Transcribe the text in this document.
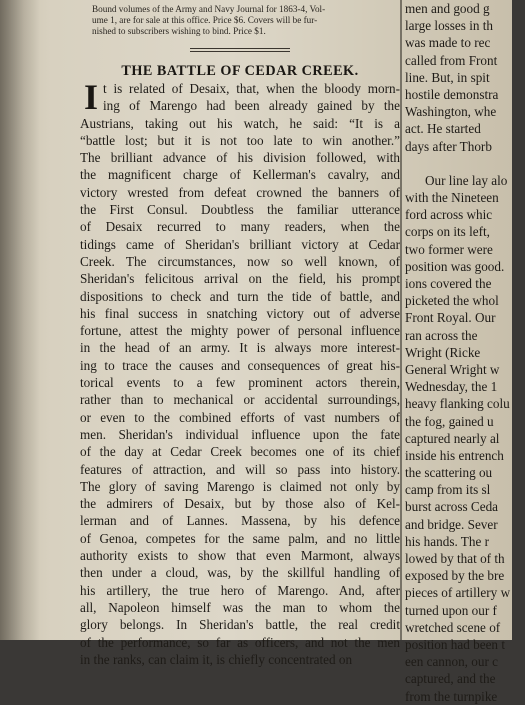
Bound volumes of the Army and Navy Journal for 1863-4, Vol-
ume 1, are for sale at this office. Price $6. Covers will be fur-
nished to subscribers wishing to bind. Price $1.
THE BATTLE OF CEDAR CREEK.
I t is related of Desaix, that, when the bloody morn-
ing of Marengo had been already gained by the
Austrians, taking out his watch, he said: “It is a
“battle lost; but it is not too late to win another.”
The brilliant advance of his division followed, with
the magnificent charge of Kellerman's cavalry, and
victory wrested from defeat crowned the banners of
the First Consul. Doubtless the familiar utterance
of Desaix recurred to many readers, when the
tidings came of Sheridan's brilliant victory at Cedar
Creek. The circumstances, now so well known, of
Sheridan's felicitous arrival on the field, his prompt
dispositions to check and turn the tide of battle, and
his final success in snatching victory out of adverse
fortune, attest the mighty power of personal influence
in the head of an army. It is always more interest-
ing to trace the causes and consequences of great his-
torical events to a few prominent actors therein,
rather than to mechanical or accidental surroundings,
or even to the combined efforts of vast numbers of
men. Sheridan's individual influence upon the fate
of the day at Cedar Creek becomes one of its chief
features of attraction, and will so pass into history.
The glory of saving Marengo is claimed not only by
the admirers of Desaix, but by those also of Kel-
lerman and of Lannes. Massena, by his defence
of Genoa, competes for the same palm, and no little
authority exists to show that even Marmont, always
then under a cloud, was, by the skillful handling of
his artillery, the true hero of Marengo. And, after
all, Napoleon himself was the man to whom the
glory belongs. In Sheridan's battle, the real credit
of the performance, so far as officers, and not the men
in the ranks, can claim it, is chiefly concentrated on
men and good g
large losses in th
was made to rec
called from Front
line. But, in spit
hostile demonstra
Washington, whe
act. He started
days after Thorb
Our line lay alo
with the Nineteen
ford across whic
corps on its left,
two former were
position was good.
ions covered the
picketed the whol
Front Royal. Our
ran across the
Wright (Ricke
General Wright w
Wednesday, the 1
heavy flanking colu
the fog, gained u
captured nearly al
inside his entrench
the scattering ou
camp from its sl
burst across Ceda
and bridge. Sever
his hands. The r
lowed by that of th
exposed by the bre
pieces of artillery w
turned upon our f
wretched scene of
position had been t
een cannon, our c
captured, and the
from the turnpike
